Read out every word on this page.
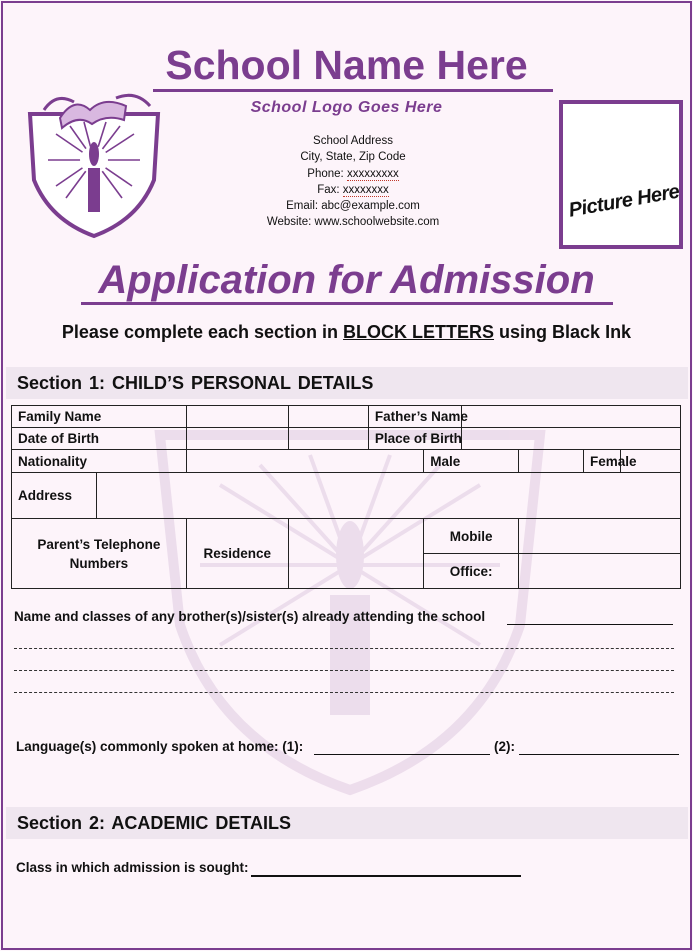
School Name Here
School Logo Goes Here
School Address
City, State, Zip Code
Phone: xxxxxxxxx
Fax: xxxxxxxx
Email: abc@example.com
Website: www.schoolwebsite.com
Picture Here
Application for Admission
Please complete each section in BLOCK LETTERS using Black Ink
Section 1: CHILD’S PERSONAL DETAILS
Family Name				Father’s Name					
Date of Birth				Place of Birth					
Nationality					Male			Female	
Address									
Parent’s Telephone Numbers		Residence			Mobile				
					Office:				
Name and classes of any brother(s)/sister(s) already attending the school
Language(s) commonly spoken at home: (1):	(2):
Section 2: ACADEMIC DETAILS
Class in which admission is sought:
